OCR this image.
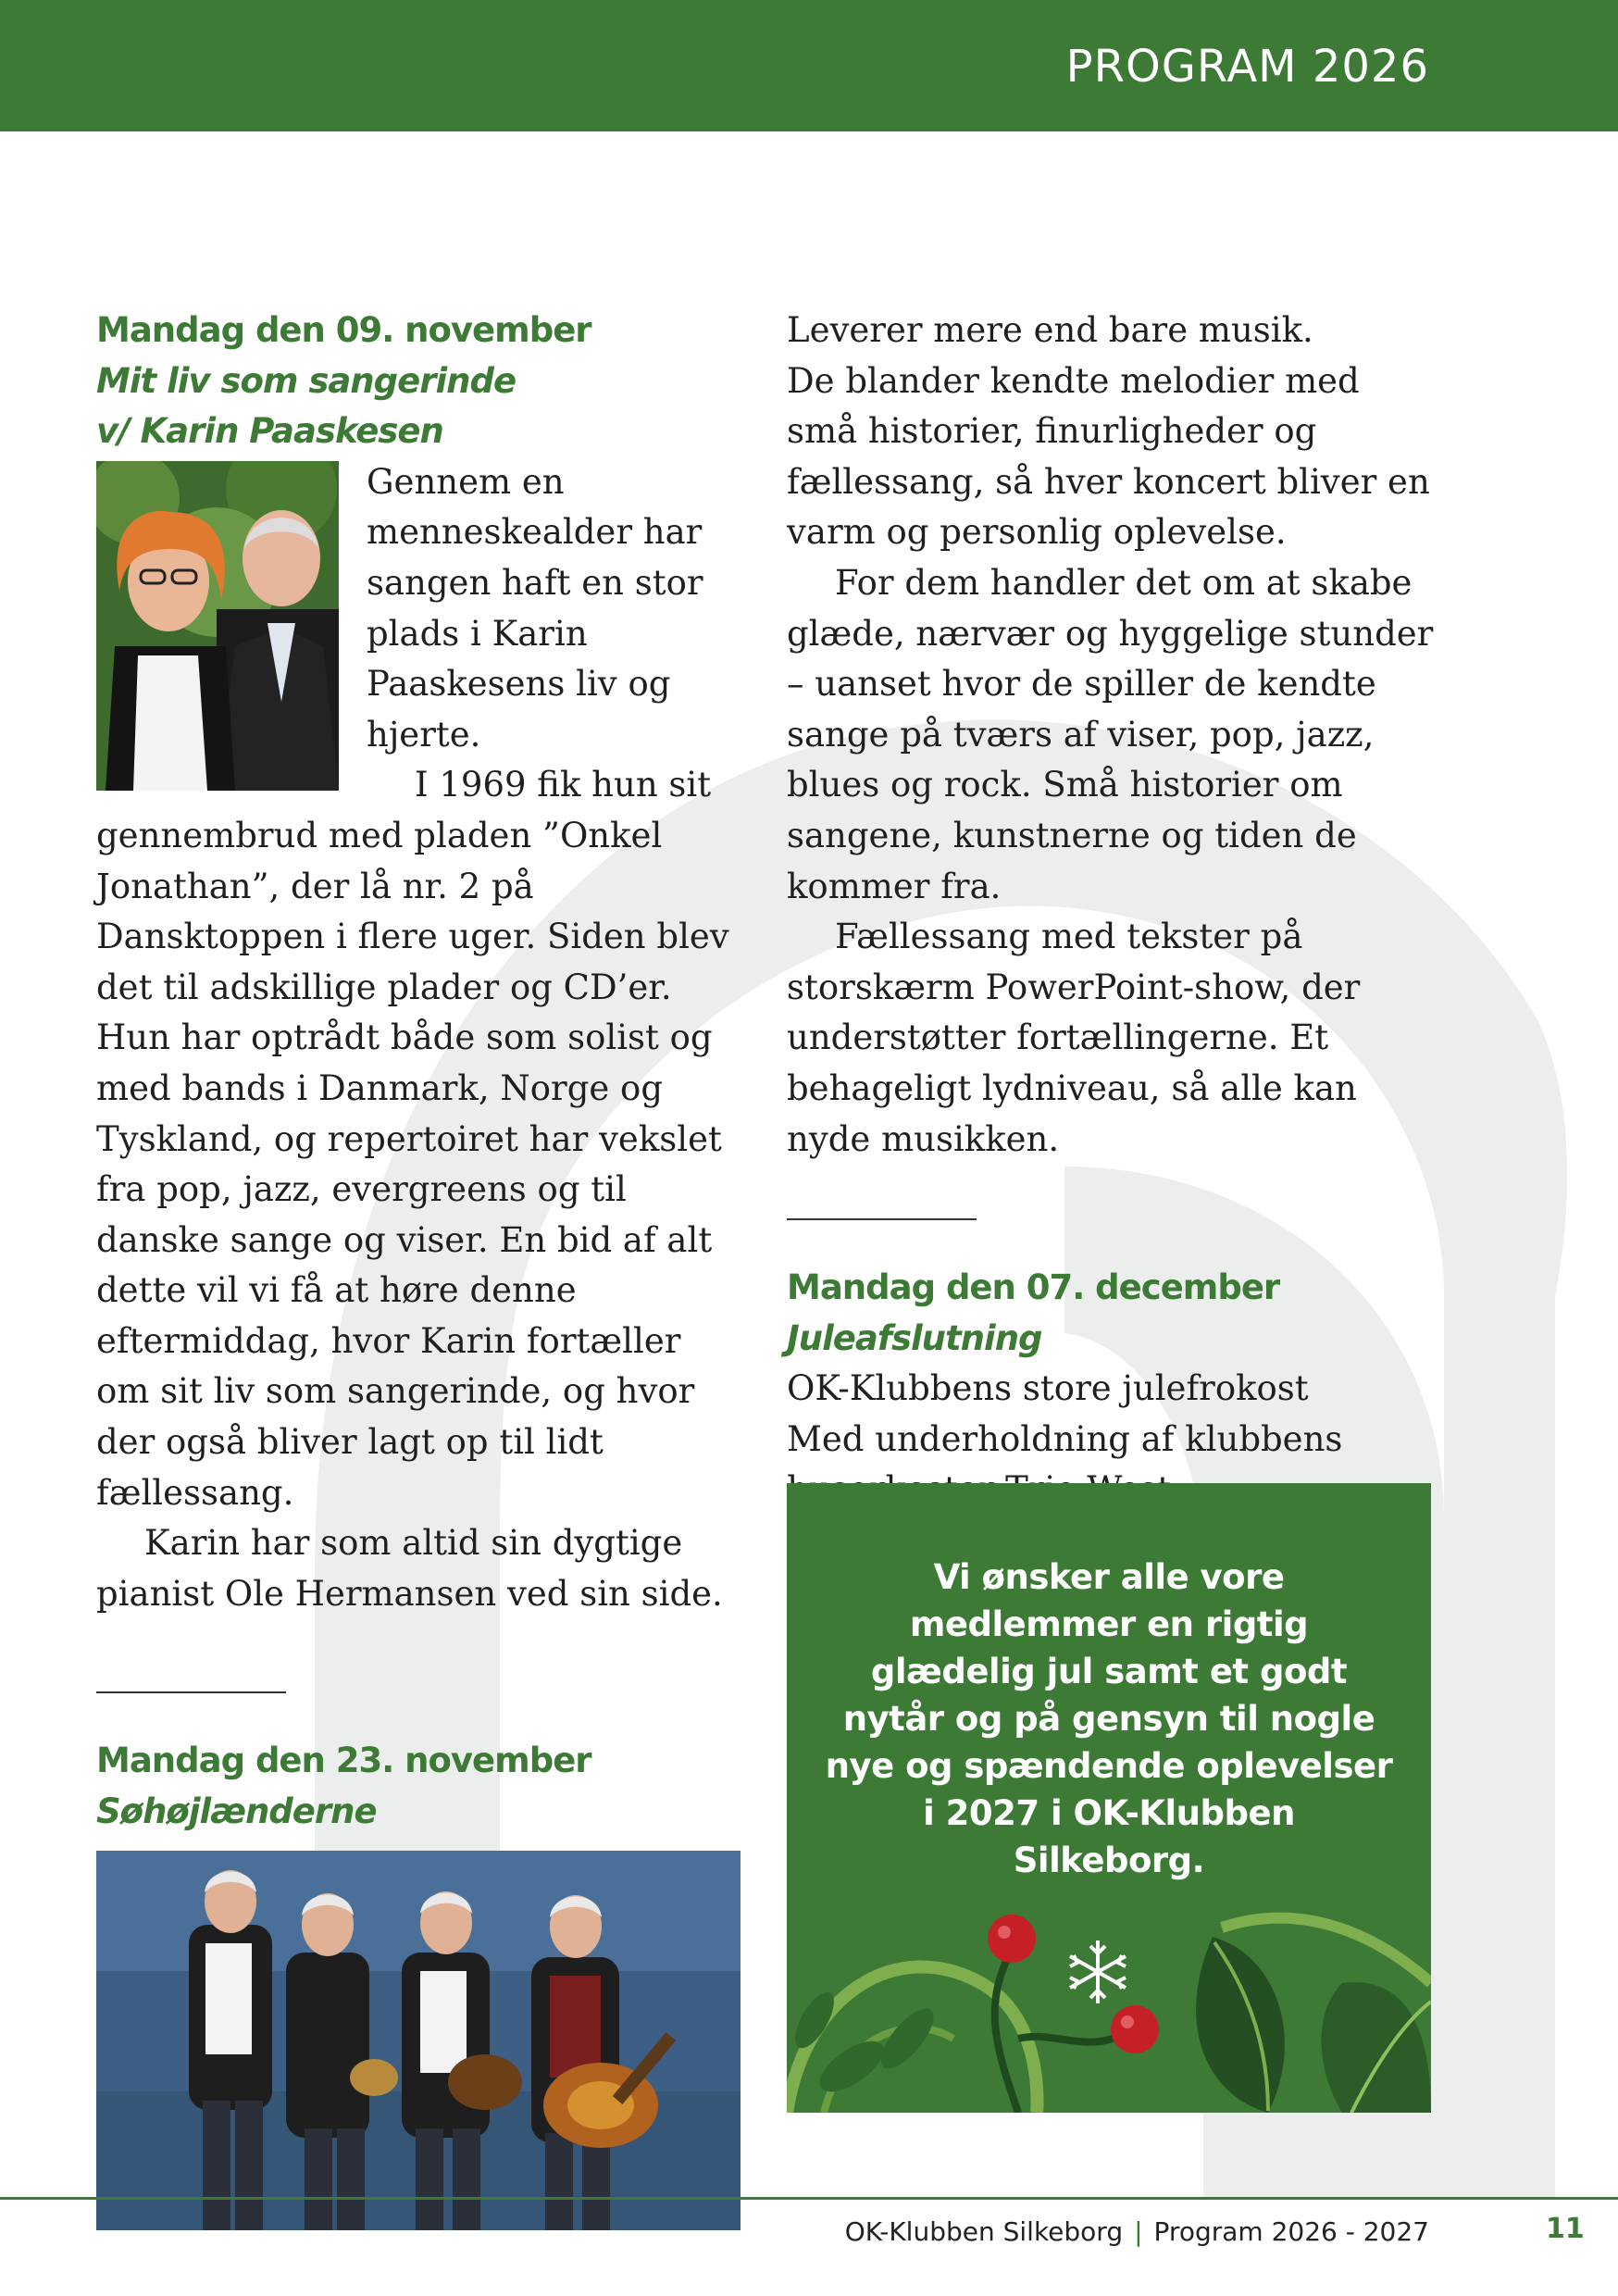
PROGRAM 2026
Mandag den 09. november
Mit liv som sangerinde
v/ Karin Paaskesen

Gennem en menneskealder har sangen haft en stor plads i Karin Paaskesens liv og hjerte.

I 1969 fik hun sit gennembrud med pladen ”Onkel Jonathan”, der lå nr. 2 på Dansktoppen i flere uger. Siden blev det til adskillige plader og CD’er.

Hun har optrådt både som solist og med bands i Danmark, Norge og Tyskland, og repertoiret har vekslet fra pop, jazz, evergreens og til danske sange og viser. En bid af alt dette vil vi få at høre denne eftermiddag, hvor Karin fortæller om sit liv som sangerinde, og hvor der også bliver lagt op til lidt fællessang.

Karin har som altid sin dygtige pianist Ole Hermansen ved sin side.

Mandag den 23. november
Søhøjlænderne

Leverer mere end bare musik.

De blander kendte melodier med små historier, finurligheder og fællessang, så hver koncert bliver en varm og personlig oplevelse.

For dem handler det om at skabe glæde, nærvær og hyggelige stunder – uanset hvor de spiller de kendte sange på tværs af viser, pop, jazz, blues og rock. Små historier om sangene, kunstnerne og tiden de kommer fra.

Fællessang med tekster på storskærm PowerPoint-show, der understøtter fortællingerne. Et behageligt lydniveau, så alle kan nyde musikken.

Mandag den 07. december
Juleafslutning

OK-Klubbens store julefrokost

Med underholdning af klubbens

Vi ønsker alle vore medlemmer en rigtig glædelig jul samt et godt nytår og på gensyn til nogle nye og spændende oplevelser i 2027 i OK-Klubben Silkeborg.
OK-Klubben Silkeborg | Program 2026 - 2027	11
